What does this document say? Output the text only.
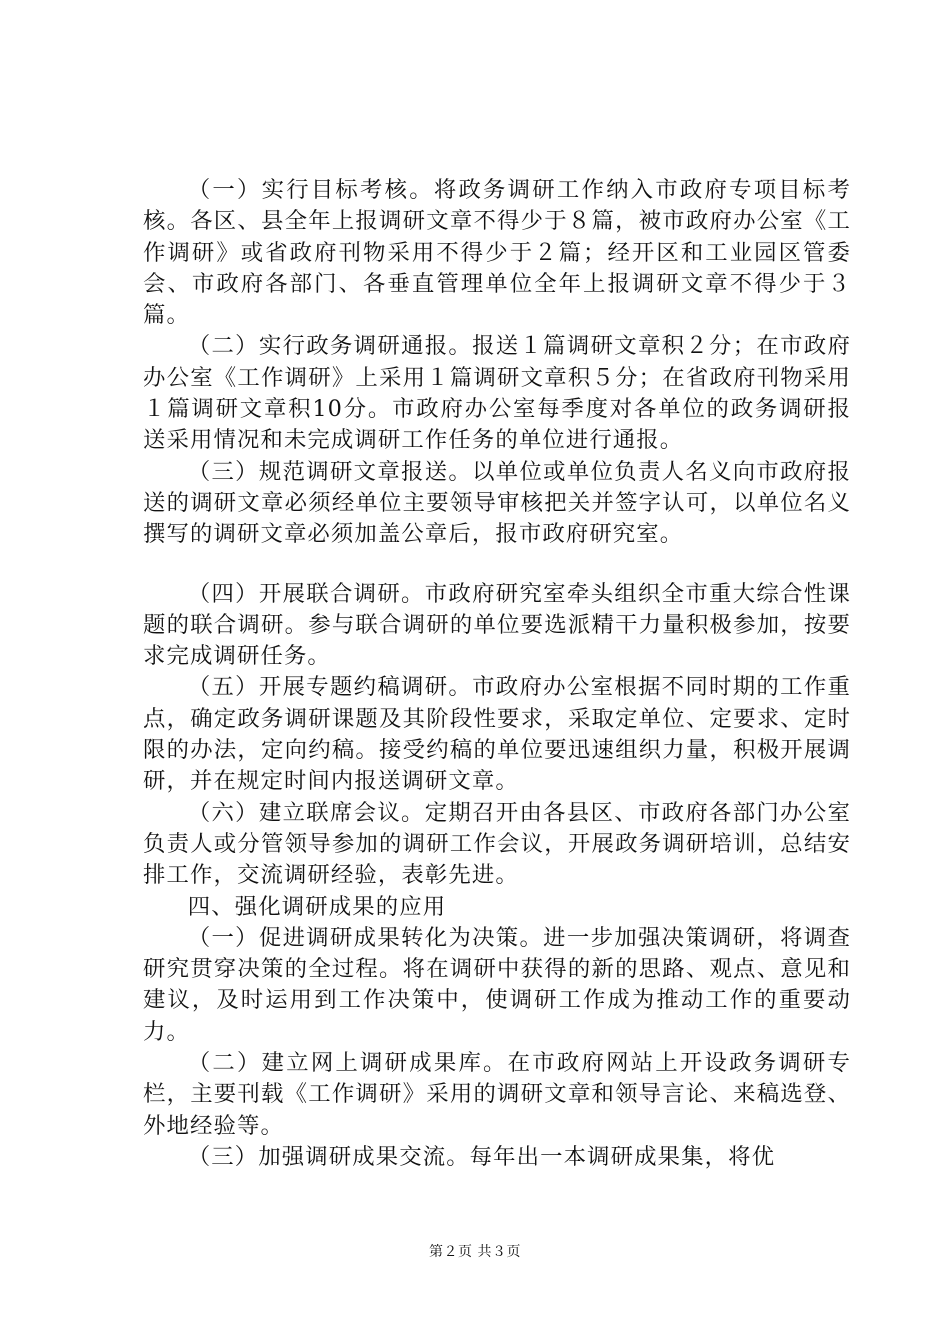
（一）实行目标考核。将政务调研工作纳入市政府专项目标考核。各区、县全年上报调研文章不得少于８篇，被市政府办公室《工作调研》或省政府刊物采用不得少于２篇；经开区和工业园区管委会、市政府各部门、各垂直管理单位全年上报调研文章不得少于３篇。

（二）实行政务调研通报。报送１篇调研文章积２分；在市政府办公室《工作调研》上采用１篇调研文章积５分；在省政府刊物采用１篇调研文章积10分。市政府办公室每季度对各单位的政务调研报送采用情况和未完成调研工作任务的单位进行通报。

（三）规范调研文章报送。以单位或单位负责人名义向市政府报送的调研文章必须经单位主要领导审核把关并签字认可，以单位名义撰写的调研文章必须加盖公章后，报市政府研究室。

（四）开展联合调研。市政府研究室牵头组织全市重大综合性课题的联合调研。参与联合调研的单位要选派精干力量积极参加，按要求完成调研任务。

（五）开展专题约稿调研。市政府办公室根据不同时期的工作重点，确定政务调研课题及其阶段性要求，采取定单位、定要求、定时限的办法，定向约稿。接受约稿的单位要迅速组织力量，积极开展调研，并在规定时间内报送调研文章。

（六）建立联席会议。定期召开由各县区、市政府各部门办公室负责人或分管领导参加的调研工作会议，开展政务调研培训，总结安排工作，交流调研经验，表彰先进。

四、强化调研成果的应用

（一）促进调研成果转化为决策。进一步加强决策调研，将调查研究贯穿决策的全过程。将在调研中获得的新的思路、观点、意见和建议，及时运用到工作决策中，使调研工作成为推动工作的重要动力。

（二）建立网上调研成果库。在市政府网站上开设政务调研专栏，主要刊载《工作调研》采用的调研文章和领导言论、来稿选登、外地经验等。

（三）加强调研成果交流。每年出一本调研成果集，将优

第２页 共３页
